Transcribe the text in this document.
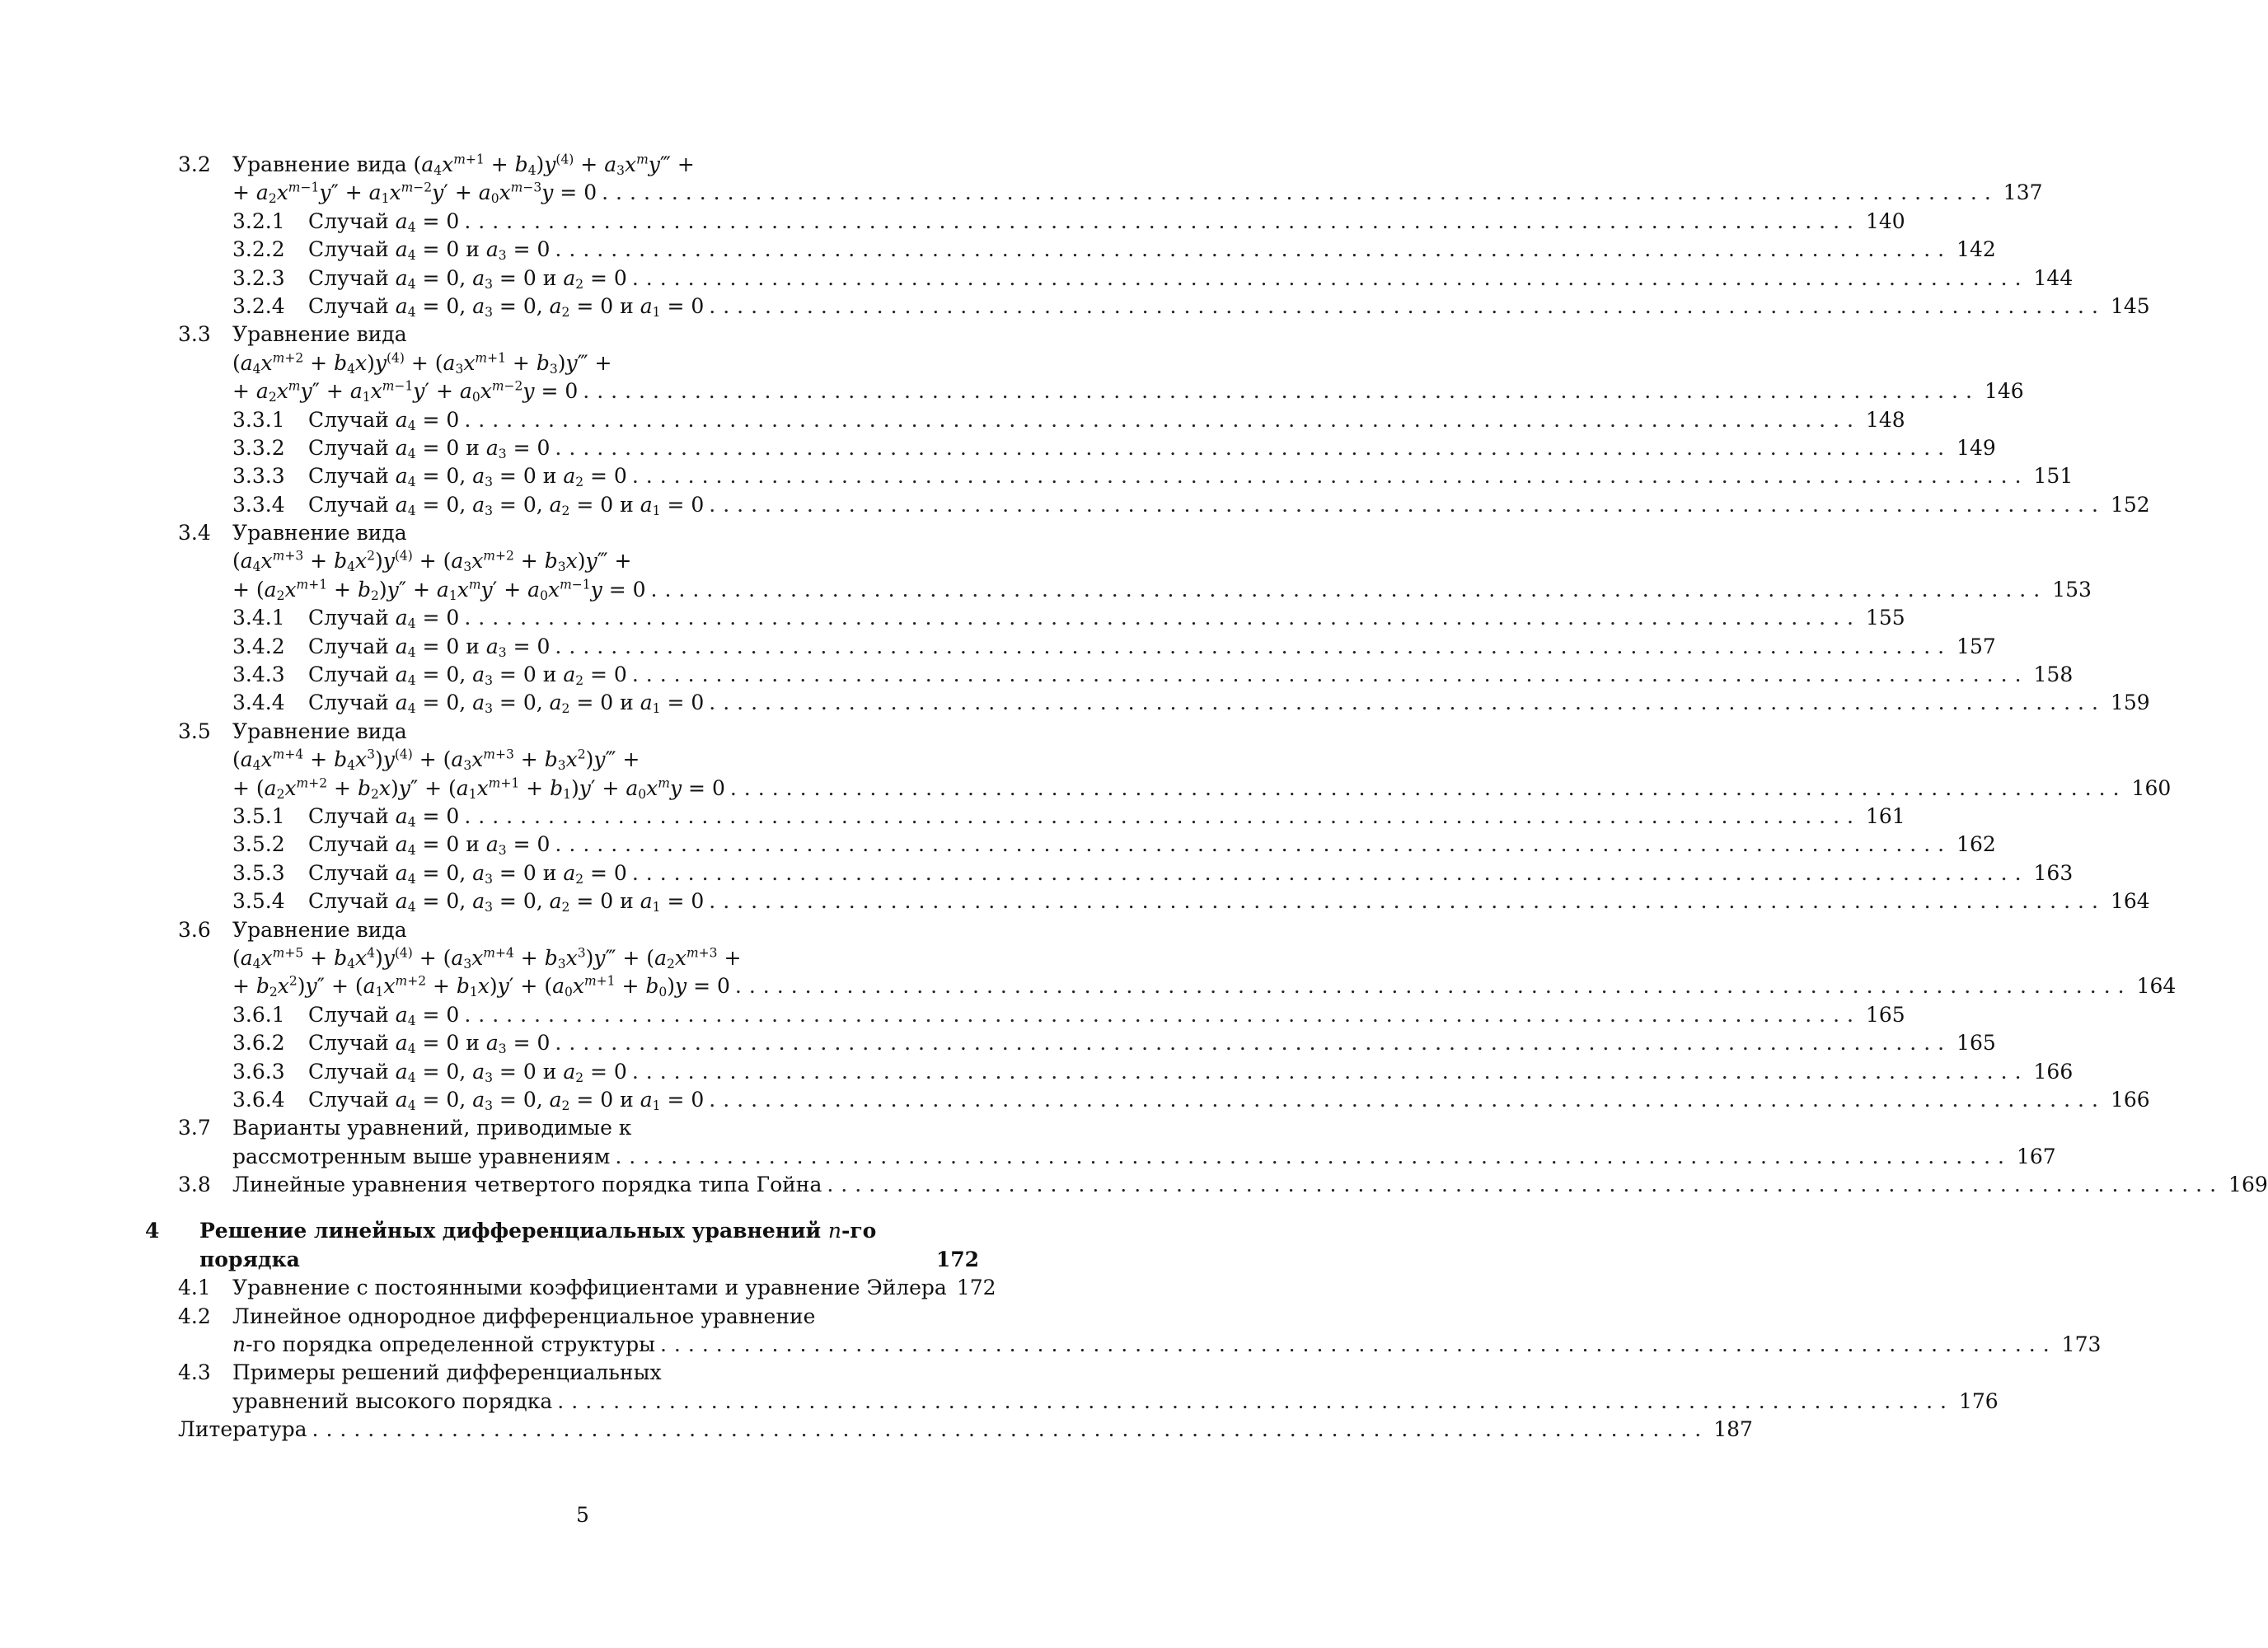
3.2	Уравнение вида $(a_4x^{m+1} + b_4)y^{(4)}$ + $a_3x^my‴$ +
+ $a_2x^{m-1}y'' + a_1x^{m-2}y' + a_0x^{m-3}y = 0$ .................................................................................................... 137
3.2.1	Случай $a_4 = 0$ .................................................................................................... 140
3.2.2	Случай $a_4 = 0$ и $a_3 = 0$ .................................................................................................... 142
3.2.3	Случай $a_4 = 0$, $a_3 = 0$ и $a_2 = 0$ .................................................................................................... 144
3.2.4	Случай $a_4 = 0$, $a_3 = 0$, $a_2 = 0$ и $a_1 = 0$ .................................................................................................... 145
3.3	Уравнение вида
$(a_4x^{m+2} + b_4x)y^{(4)} + (a_3x^{m+1}$ + $b_3)y‴$ +
+ $a_2x^my'' + a_1x^{m-1}y' + a_0x^{m-2}y = 0$ .................................................................................................... 146
3.3.1	Случай $a_4 = 0$ .................................................................................................... 148
3.3.2	Случай $a_4 = 0$ и $a_3 = 0$ .................................................................................................... 149
3.3.3	Случай $a_4 = 0$, $a_3 = 0$ и $a_2 = 0$ .................................................................................................... 151
3.3.4	Случай $a_4 = 0$, $a_3 = 0$, $a_2 = 0$ и $a_1 = 0$ .................................................................................................... 152
3.4	Уравнение вида
$(a_4x^{m+3} + b_4x^2)y^{(4)} + (a_3x^{m+2}$ + $b_3x)y‴$ +
+ $(a_2x^{m+1} + b_2)y'' + a_1x^my' + a_0x^{m-1}y = 0$ .................................................................................................... 153
3.4.1	Случай $a_4 = 0$ .................................................................................................... 155
3.4.2	Случай $a_4 = 0$ и $a_3 = 0$ .................................................................................................... 157
3.4.3	Случай $a_4 = 0$, $a_3 = 0$ и $a_2 = 0$ .................................................................................................... 158
3.4.4	Случай $a_4 = 0$, $a_3 = 0$, $a_2 = 0$ и $a_1 = 0$ .................................................................................................... 159
3.5	Уравнение вида
$(a_4x^{m+4} + b_4x^3)y^{(4)} + (a_3x^{m+3}$ + $b_3x^2)y‴$ +
+ $(a_2x^{m+2} + b_2x)y'' + (a_1x^{m+1} + b_1)y' + a_0x^my = 0$ .................................................................................................... 160
3.5.1	Случай $a_4 = 0$ .................................................................................................... 161
3.5.2	Случай $a_4 = 0$ и $a_3 = 0$ .................................................................................................... 162
3.5.3	Случай $a_4 = 0$, $a_3 = 0$ и $a_2 = 0$ .................................................................................................... 163
3.5.4	Случай $a_4 = 0$, $a_3 = 0$, $a_2 = 0$ и $a_1 = 0$ .................................................................................................... 164
3.6	Уравнение вида
$(a_4x^{m+5} + b_4x^4)y^{(4)} + (a_3x^{m+4}$ + $b_3x^3)y‴ + (a_2x^{m+3}$ +
+ $b_2x^2)y'' + (a_1x^{m+2} + b_1x)y' + (a_0x^{m+1} + b_0)y = 0$ .................................................................................................... 164
3.6.1	Случай $a_4 = 0$ .................................................................................................... 165
3.6.2	Случай $a_4 = 0$ и $a_3 = 0$ .................................................................................................... 165
3.6.3	Случай $a_4 = 0$, $a_3 = 0$ и $a_2 = 0$ .................................................................................................... 166
3.6.4	Случай $a_4 = 0$, $a_3 = 0$, $a_2 = 0$ и $a_1 = 0$ .................................................................................................... 166
3.7	Варианты уравнений, приводимые к
рассмотренным выше уравнениям .................................................................................................... 167
3.8	Линейные уравнения четвертого порядка типа Гойна .................................................................................................... 169
4	Решение линейных дифференциальных уравнений n-го
порядка	172
4.1	Уравнение с постоянными коэффициентами и уравнение Эйлера 172
4.2	Линейное однородное дифференциальное уравнение
n-го порядка определенной структуры .................................................................................................... 173
4.3	Примеры решений дифференциальных
уравнений высокого порядка .................................................................................................... 176
Литература .................................................................................................... 187
5
